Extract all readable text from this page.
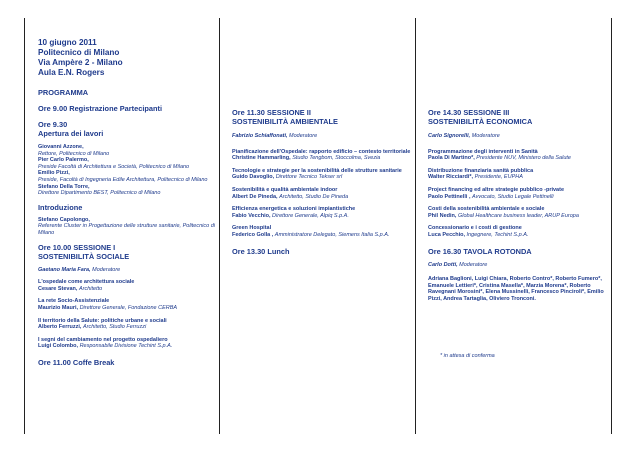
10 giugno 2011
Politecnico di Milano
Via Ampère 2 - Milano
Aula E.N. Rogers
PROGRAMMA
Ore 9.00 Registrazione Partecipanti
Ore 9.30
Apertura dei lavori
Giovanni Azzone,
Rettore, Politecnico di Milano
Pier Carlo Palermo,
Preside Facoltà di Architettura e Società, Politecnico di Milano
Emilio Pizzi,
Preside, Facoltà di Ingegneria Edile Architettura, Politecnico di Milano
Stefano Della Torre,
Direttore Dipartimento BEST, Politecnico di Milano
Introduzione
Stefano Capolongo,
Referente Cluster in Progettazione delle strutture sanitarie, Politecnico di Milano
Ore 10.00 SESSIONE I
SOSTENIBILITÀ SOCIALE
Gaetano Maria Fara, Moderatore
L'ospedale come architettura sociale
Cesare Stevan, Architetto
La rete Socio-Assistenziale
Maurizio Mauri, Direttore Generale, Fondazione CERBA
Il territorio della Salute: politiche urbane e sociali
Alberto Ferruzzi, Architetto, Studio Ferruzzi
I segni del cambiamento nel progetto ospedaliero
Luigi Colombo, Responsabile Divisione Techint S.p.A.
Ore 11.00 Coffe Break
Ore 11.30 SESSIONE II
SOSTENIBILITÀ AMBIENTALE
Fabrizio Schiaffonati, Moderatore
Pianificazione dell'Ospedale: rapporto edificio – contesto territoriale
Christine Hammarling, Studio Tengbom, Stoccolma, Svezia
Tecnologie e strategie per la sostenibilità delle strutture sanitarie
Guido Davoglio, Direttore Tecnico Tekser srl
Sostenibilità e qualità ambientale indoor
Albert De Pineda, Architetto, Studio De Pineda
Efficienza energetica e soluzioni impiantistiche
Fabio Vecchio, Direttore Generale, Alpiq S.p.A.
Green Hospital
Federico Golla , Amministratore Delegato, Siemens Italia S.p.A.
Ore 13.30 Lunch
Ore 14.30 SESSIONE III
SOSTENIBILITÀ ECONOMICA
Carlo Signorelli, Moderatore
Programmazione degli interventi in Sanità
Paola Di Martino*, Presidente NUV, Ministero della Salute
Distribuzione finanziaria sanità pubblica
Walter Ricciardi*, Presidente, EUPHA
Project financing ed altre strategie pubblico -private
Paolo Pettinelli , Avvocato, Studio Legale Pettinelli
Costi della sostenibilità ambientale e sociale
Phil Nedin, Global Healthcare business leader, ARUP Europa
Concessionario e i costi di gestione
Luca Pecchio, Ingegnere, Techint S.p.A.
Ore 16.30 TAVOLA ROTONDA
Carlo Dotti, Moderatore
Adriana Baglioni, Luigi Chiara, Roberto Contro*, Roberto Fumero*, Emanuele Lettieri*, Cristina Masella*, Marzia Morena*, Roberto Ravegnani Morosini*, Elena Mussinelli, Francesco Pinciroli*, Emilio Pizzi, Andrea Tartaglia, Oliviero Tronconi.
* in attesa di conferma
